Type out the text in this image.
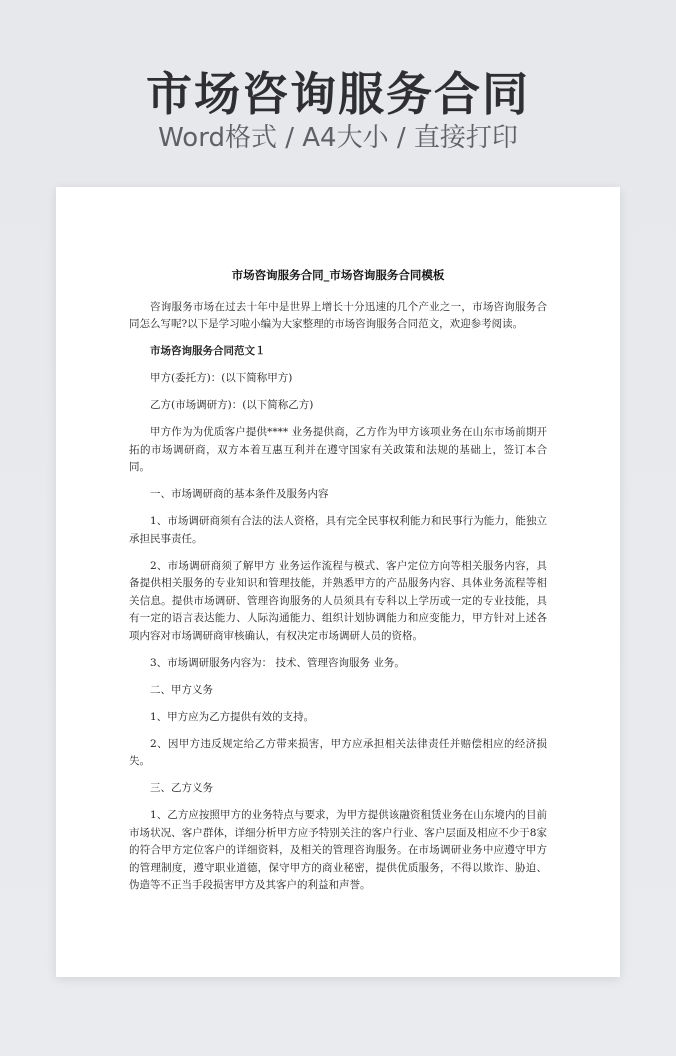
市场咨询服务合同
Word格式 / A4大小 / 直接打印
市场咨询服务合同_市场咨询服务合同模板

咨询服务市场在过去十年中是世界上增长十分迅速的几个产业之一，市场咨询服务合同怎么写呢?以下是学习啦小编为大家整理的市场咨询服务合同范文，欢迎参考阅读。

市场咨询服务合同范文１

甲方(委托方)：(以下简称甲方)

乙方(市场调研方)：(以下简称乙方)

甲方作为为优质客户提供**** 业务提供商，乙方作为甲方该项业务在山东市场前期开拓的市场调研商，双方本着互惠互利并在遵守国家有关政策和法规的基础上，签订本合同。

一、市场调研商的基本条件及服务内容

1、市场调研商须有合法的法人资格，具有完全民事权利能力和民事行为能力，能独立承担民事责任。

2、市场调研商须了解甲方 业务运作流程与模式、客户定位方向等相关服务内容，具备提供相关服务的专业知识和管理技能，并熟悉甲方的产品服务内容、具体业务流程等相关信息。提供市场调研、管理咨询服务的人员须具有专科以上学历或一定的专业技能，具有一定的语言表达能力、人际沟通能力、组织计划协调能力和应变能力，甲方针对上述各项内容对市场调研商审核确认，有权决定市场调研人员的资格。

3、市场调研服务内容为： 技术、管理咨询服务 业务。

二、甲方义务

1、甲方应为乙方提供有效的支持。

2、因甲方违反规定给乙方带来损害，甲方应承担相关法律责任并赔偿相应的经济损失。

三、乙方义务

1、乙方应按照甲方的业务特点与要求，为甲方提供该融资租赁业务在山东境内的目前市场状况、客户群体，详细分析甲方应予特别关注的客户行业、客户层面及相应不少于8家的符合甲方定位客户的详细资料，及相关的管理咨询服务。在市场调研业务中应遵守甲方的管理制度，遵守职业道德，保守甲方的商业秘密，提供优质服务，不得以欺诈、胁迫、伪造等不正当手段损害甲方及其客户的利益和声誉。
